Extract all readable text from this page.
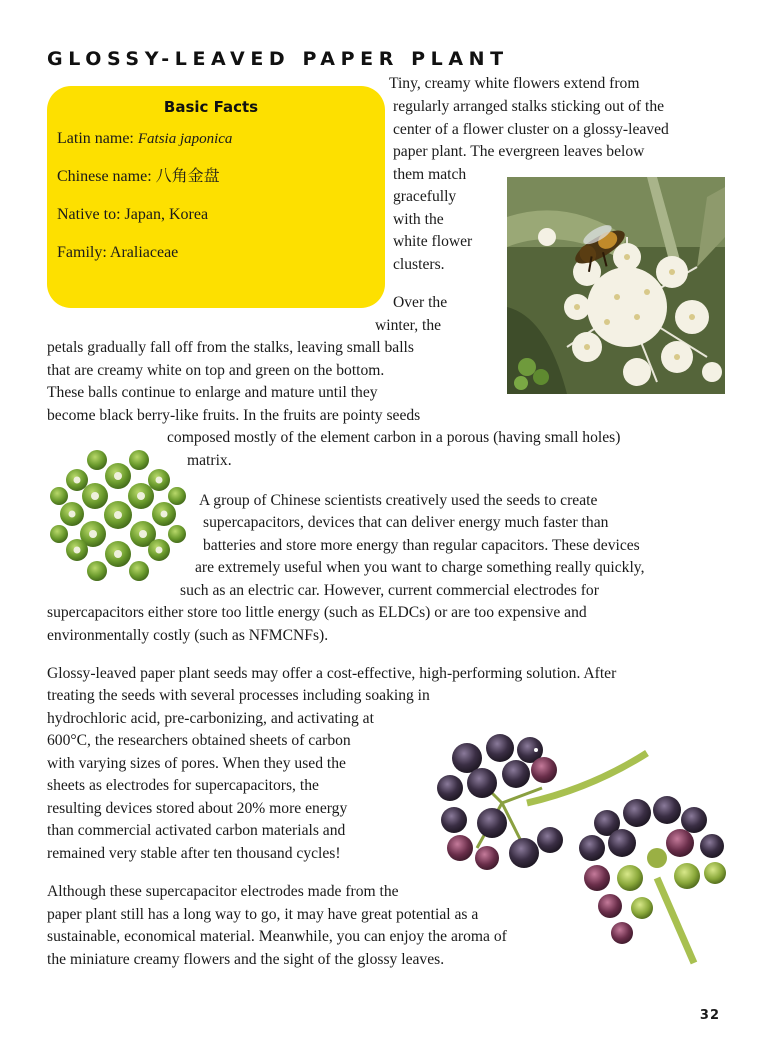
GLOSSY-LEAVED PAPER PLANT
Basic Facts

Latin name: Fatsia japonica

Chinese name: 八角金盘

Native to: Japan, Korea

Family: Araliaceae

Tiny, creamy white flowers extend from

regularly arranged stalks sticking out of the

center of a flower cluster on a glossy-leaved

paper plant. The evergreen leaves below

them match

gracefully

with the

white flower

clusters.

Over the

winter, the

petals gradually fall off from the stalks, leaving small balls

that are creamy white on top and green on the bottom.

These balls continue to enlarge and mature until they

become black berry-like fruits. In the fruits are pointy seeds

composed mostly of the element carbon in a porous (having small holes)

matrix.

A group of Chinese scientists creatively used the seeds to create

supercapacitors, devices that can deliver energy much faster than

batteries and store more energy than regular capacitors. These devices

are extremely useful when you want to charge something really quickly,

such as an electric car. However, current commercial electrodes for

supercapacitors either store too little energy (such as ELDCs) or are too expensive and

environmentally costly (such as NFMCNFs).

Glossy-leaved paper plant seeds may offer a cost-effective, high-performing solution. After

treating the seeds with several processes including soaking in

hydrochloric acid, pre-carbonizing, and activating at

600°C, the researchers obtained sheets of carbon

with varying sizes of pores. When they used the

sheets as electrodes for supercapacitors, the

resulting devices stored about 20% more energy

than commercial activated carbon materials and

remained very stable after ten thousand cycles!

Although these supercapacitor electrodes made from the

paper plant still has a long way to go, it may have great potential as a

sustainable, economical material. Meanwhile, you can enjoy the aroma of

the miniature creamy flowers and the sight of the glossy leaves.

32
